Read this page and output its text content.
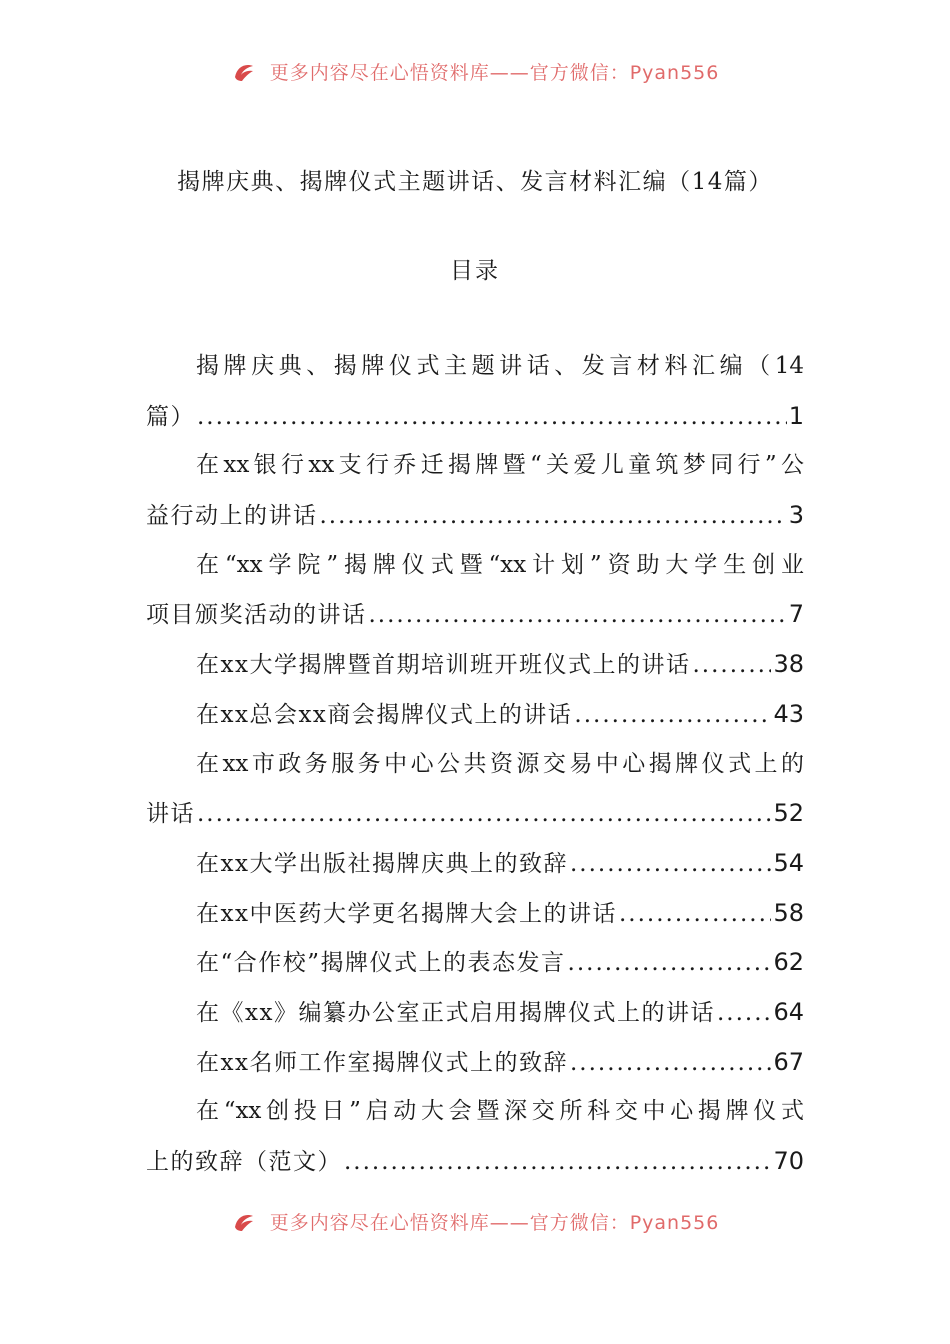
更多内容尽在心悟资料库——官方微信：Pyan556
揭牌庆典、揭牌仪式主题讲话、发言材料汇编（14篇）
目录
揭牌庆典、揭牌仪式主题讲话、发言材料汇编（14
篇） .....	1
在xx银行xx支行乔迁揭牌暨“关爱儿童筑梦同行”公
益行动上的讲话 .....	3
在“xx学院”揭牌仪式暨“xx计划”资助大学生创业
项目颁奖活动的讲话 .....	7
在xx大学揭牌暨首期培训班开班仪式上的讲话 .....	38
在xx总会xx商会揭牌仪式上的讲话 .....	43
在xx市政务服务中心公共资源交易中心揭牌仪式上的
讲话 .....	52
在xx大学出版社揭牌庆典上的致辞 .....	54
在xx中医药大学更名揭牌大会上的讲话 .....	58
在“合作校”揭牌仪式上的表态发言 .....	62
在《xx》编纂办公室正式启用揭牌仪式上的讲话 ..... 64
在xx名师工作室揭牌仪式上的致辞 .....	67
在“xx创投日”启动大会暨深交所科交中心揭牌仪式
上的致辞（范文） .....	70
更多内容尽在心悟资料库——官方微信：Pyan556
